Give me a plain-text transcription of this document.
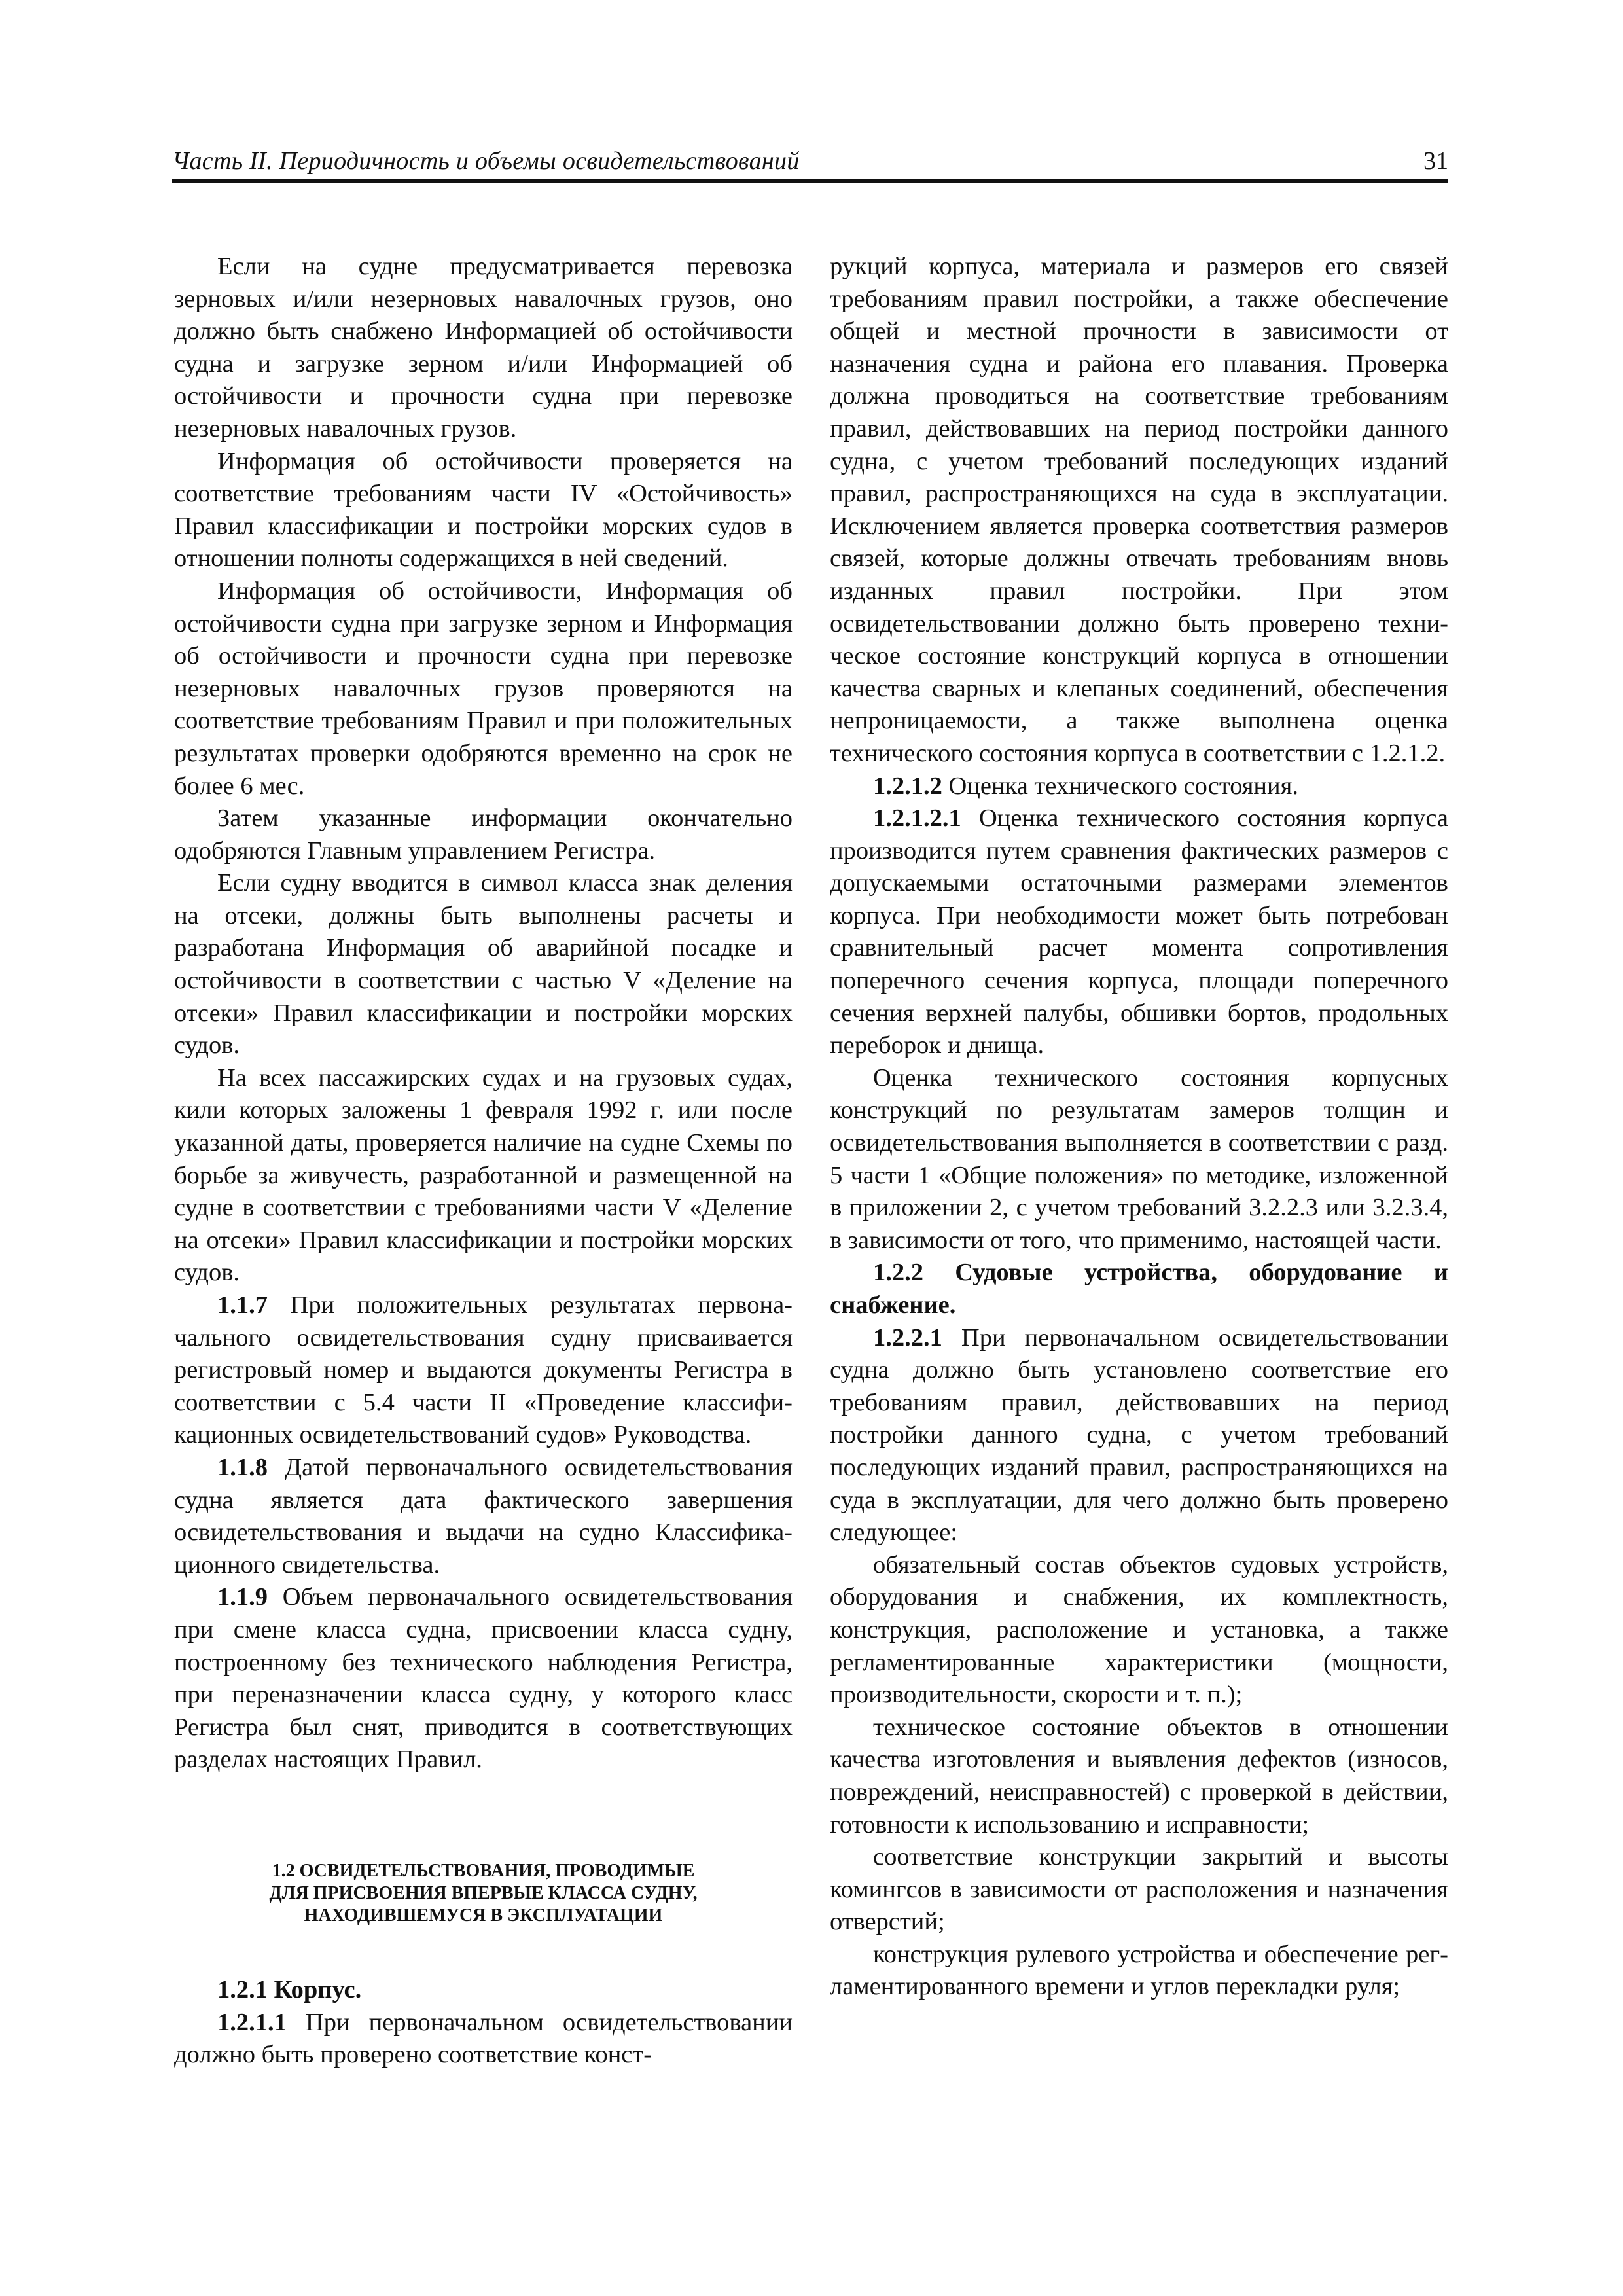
Часть II. Периодичность и объемы освидетельствований	31

Если на судне предусматривается перевозка зерновых и/или незерновых навалочных грузов, оно должно быть снабжено Информацией об остойчивости судна и загрузке зерном и/или Информацией об остойчивости и прочности судна при перевозке незерновых навалочных грузов.

Информация об остойчивости проверяется на соответствие требованиям части IV «Остойчивость» Правил классификации и постройки морских судов в отношении полноты содержащихся в ней сведений.

Информация об остойчивости, Информация об остойчивости судна при загрузке зерном и Информация об остойчивости и прочности судна при перевозке незерновых навалочных грузов проверяются на соответствие требованиям Правил и при положительных результатах проверки одобряются временно на срок не более 6 мес.

Затем указанные информации окончательно одобряются Главным управлением Регистра.

Если судну вводится в символ класса знак деления на отсеки, должны быть выполнены расчеты и разработана Информация об аварийной посадке и остойчивости в соответствии с частью V «Деление на отсеки» Правил классификации и постройки морских судов.

На всех пассажирских судах и на грузовых судах, кили которых заложены 1 февраля 1992 г. или после указанной даты, проверяется наличие на судне Схемы по борьбе за живучесть, разработанной и размещенной на судне в соответствии с требованиями части V «Деление на отсеки» Правил классификации и постройки морских судов.

1.1.7 При положительных результатах первоначального освидетельствования судну присваивается регистровый номер и выдаются документы Регистра в соответствии с 5.4 части II «Проведение классификационных освидетельствований судов» Руководства.

1.1.8 Датой первоначального освидетельствования судна является дата фактического завершения освидетельствования и выдачи на судно Классификационного свидетельства.

1.1.9 Объем первоначального освидетельствования при смене класса судна, присвоении класса судну, построенному без технического наблюдения Регистра, при переназначении класса судну, у которого класс Регистра был снят, приводится в соответствующих разделах настоящих Правил.

1.2 ОСВИДЕТЕЛЬСТВОВАНИЯ, ПРОВОДИМЫЕ
ДЛЯ ПРИСВОЕНИЯ ВПЕРВЫЕ КЛАССА СУДНУ,
НАХОДИВШЕМУСЯ В ЭКСПЛУАТАЦИИ

1.2.1 Корпус.

1.2.1.1 При первоначальном освидетельствовании должно быть проверено соответствие конст-

рукций корпуса, материала и размеров его связей требованиям правил постройки, а также обеспечение общей и местной прочности в зависимости от назначения судна и района его плавания. Проверка должна проводиться на соответствие требованиям правил, действовавших на период постройки данного судна, с учетом требований последующих изданий правил, распространяющихся на суда в эксплуатации. Исключением является проверка соответствия размеров связей, которые должны отвечать требованиям вновь изданных правил постройки. При этом освидетельствовании должно быть проверено техническое состояние конструкций корпуса в отношении качества сварных и клепаных соединений, обеспечения непроницаемости, а также выполнена оценка технического состояния корпуса в соответствии с 1.2.1.2.

1.2.1.2 Оценка технического состояния.

1.2.1.2.1 Оценка технического состояния корпуса производится путем сравнения фактических размеров с допускаемыми остаточными размерами элементов корпуса. При необходимости может быть потребован сравнительный расчет момента сопротивления поперечного сечения корпуса, площади поперечного сечения верхней палубы, обшивки бортов, продольных переборок и днища.

Оценка технического состояния корпусных конструкций по результатам замеров толщин и освидетельствования выполняется в соответствии с разд. 5 части 1 «Общие положения» по методике, изложенной в приложении 2, с учетом требований 3.2.2.3 или 3.2.3.4, в зависимости от того, что применимо, настоящей части.

1.2.2 Судовые устройства, оборудование и снабжение.

1.2.2.1 При первоначальном освидетельствовании судна должно быть установлено соответствие его требованиям правил, действовавших на период постройки данного судна, с учетом требований последующих изданий правил, распространяющихся на суда в эксплуатации, для чего должно быть проверено следующее:

обязательный состав объектов судовых устройств, оборудования и снабжения, их комплектность, конструкция, расположение и установка, а также регламентированные характеристики (мощности, производительности, скорости и т. п.);

техническое состояние объектов в отношении качества изготовления и выявления дефектов (износов, повреждений, неисправностей) с проверкой в действии, готовности к использованию и исправности;

соответствие конструкции закрытий и высоты комингсов в зависимости от расположения и назначения отверстий;

конструкция рулевого устройства и обеспечение регламентированного времени и углов перекладки руля;
